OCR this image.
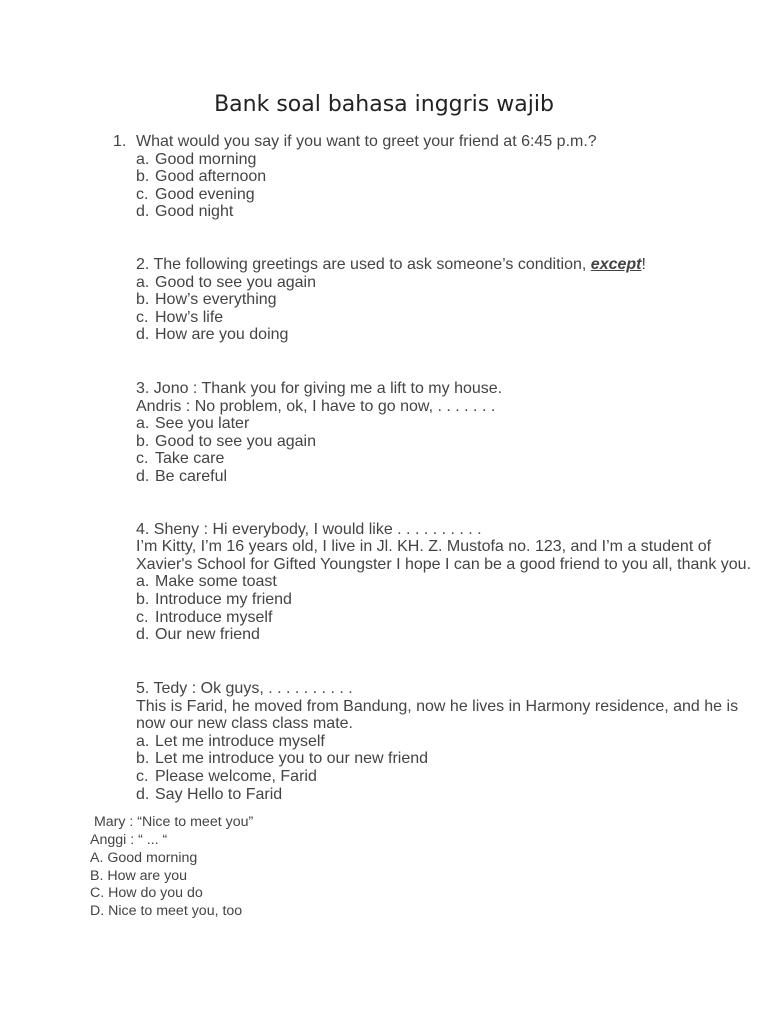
Bank soal bahasa inggris wajib
1. What would you say if you want to greet your friend at 6:45 p.m.?
a. Good morning
b. Good afternoon
c. Good evening
d. Good night
2. The following greetings are used to ask someone’s condition, except!
a. Good to see you again
b. How’s everything
c. How’s life
d. How are you doing
3. Jono : Thank you for giving me a lift to my house.
Andris : No problem, ok, I have to go now, . . . . . . .
a. See you later
b. Good to see you again
c. Take care
d. Be careful
4. Sheny : Hi everybody, I would like . . . . . . . . . .
I’m Kitty, I’m 16 years old, I live in Jl. KH. Z. Mustofa no. 123, and I’m a student of
Xavier's School for Gifted Youngster I hope I can be a good friend to you all, thank you.
a. Make some toast
b. Introduce my friend
c. Introduce myself
d. Our new friend
5. Tedy : Ok guys, . . . . . . . . . .
This is Farid, he moved from Bandung, now he lives in Harmony residence, and he is
now our new class class mate.
a. Let me introduce myself
b. Let me introduce you to our new friend
c. Please welcome, Farid
d. Say Hello to Farid
Mary : “Nice to meet you”
Anggi : “ ... “
A. Good morning
B. How are you
C. How do you do
D. Nice to meet you, too
